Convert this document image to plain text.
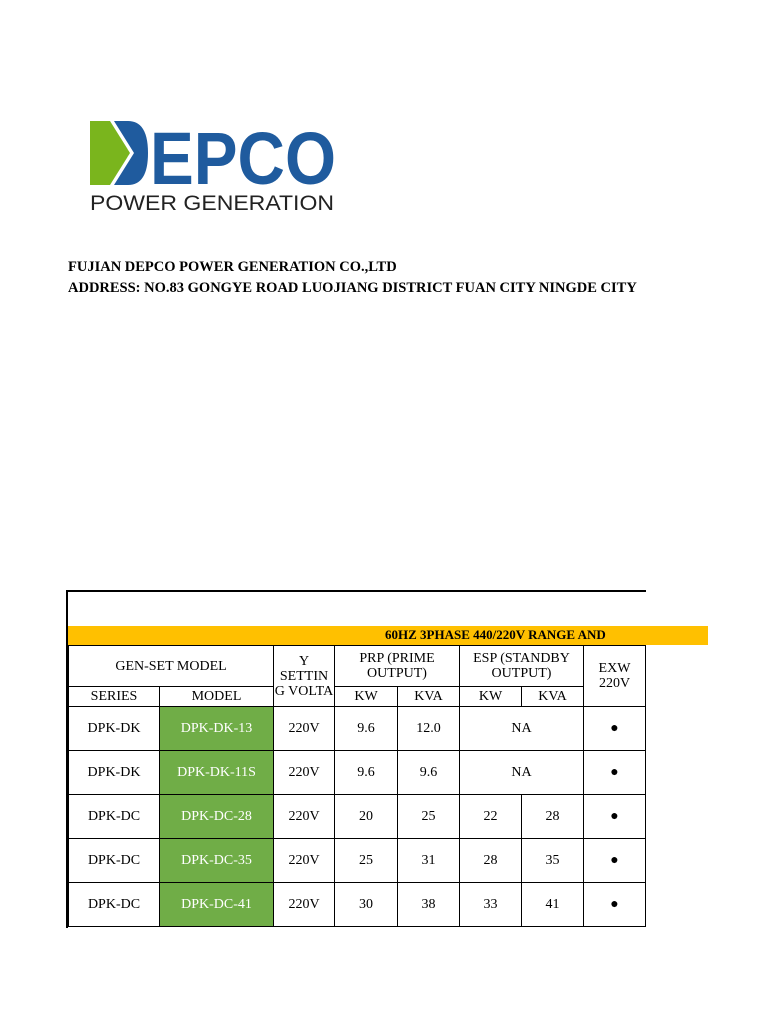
EPCO
POWER GENERATION
FUJIAN DEPCO POWER GENERATION CO.,LTD
ADDRESS: NO.83 GONGYE ROAD LUOJIANG DISTRICT FUAN CITY NINGDE CITY
60HZ 3PHASE 440/220V RANGE AND
GEN-SET MODEL		Y SETTIN G VOLTA	PRP (PRIME OUTPUT)		ESP (STANDBY OUTPUT)		EXW 220V
SERIES	MODEL		KW	KVA	KW	KVA	
DPK-DK	DPK-DK-13	220V	9.6	12.0	NA		●
DPK-DK	DPK-DK-11S	220V	9.6	9.6	NA		●
DPK-DC	DPK-DC-28	220V	20	25	22	28	●
DPK-DC	DPK-DC-35	220V	25	31	28	35	●
DPK-DC	DPK-DC-41	220V	30	38	33	41	●
